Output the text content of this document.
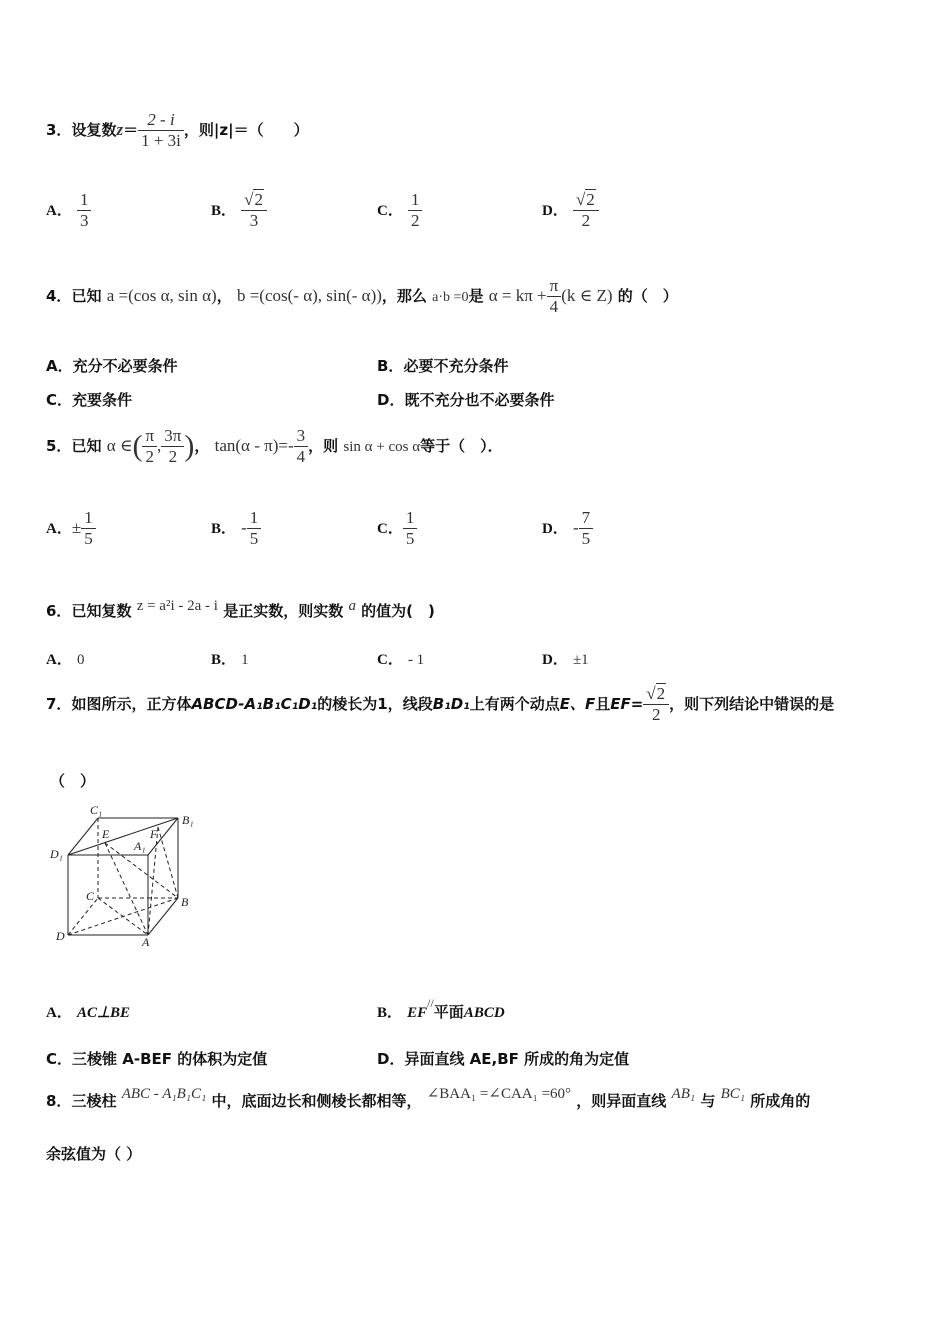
3．设复数$z= \frac{2 - i}{1 + 3i}$ ，则|z|＝（　　）
A． $\frac{1}{3}$	B． $\frac{√2}{3}$	C． $\frac{1}{2}$	D． $\frac{√2}{2}$
4．已知 a =(cos α, sin α)， b =(cos(- α), sin(- α))，那么 a·b =0是 $\alpha = k\pi + \frac{\pi}{4} (k$ ∈ Z) 的（　）
A．充分不必要条件	B．必要不充分条件
C．充要条件	D．既不充分也不必要条件
5．已知 α ∈( $\frac{\pi}{2}$ , $\frac{3\pi}{2}$ )， $\tan(\alpha - \pi)=- \frac{3}{4}$ ，则 sin α + cos α等于（　）．
A．± $\frac{1}{5}$	B． - $\frac{1}{5}$	C． $\frac{1}{5}$	D． - $\frac{7}{5}$
6．已知复数 z = a²i - 2a - i 是正实数，则实数 a 的值为(　)
A． 0	B． 1	C． - 1	D． ±1
7．如图所示，正方体ABCD-A₁B₁C₁D₁的棱长为1，线段B₁D₁上有两个动点E、F且$EF= \frac{√2}{2}$ ，则下列结论中错误的是
（　）
C₁
B₁
D₁
E	F
A₁
C	B
D	A
A． AC⊥BE	B． EF//平面ABCD
C．三棱锥 A-BEF 的体积为定值	D．异面直线 AE,BF 所成的角为定值
8．三棱柱 ABC - A₁B₁C₁ 中，底面边长和侧棱长都相等， ∠BAA₁ =∠CAA₁ =60° ，则异面直线 AB₁ 与 BC₁ 所成角的
余弦值为（ ）
